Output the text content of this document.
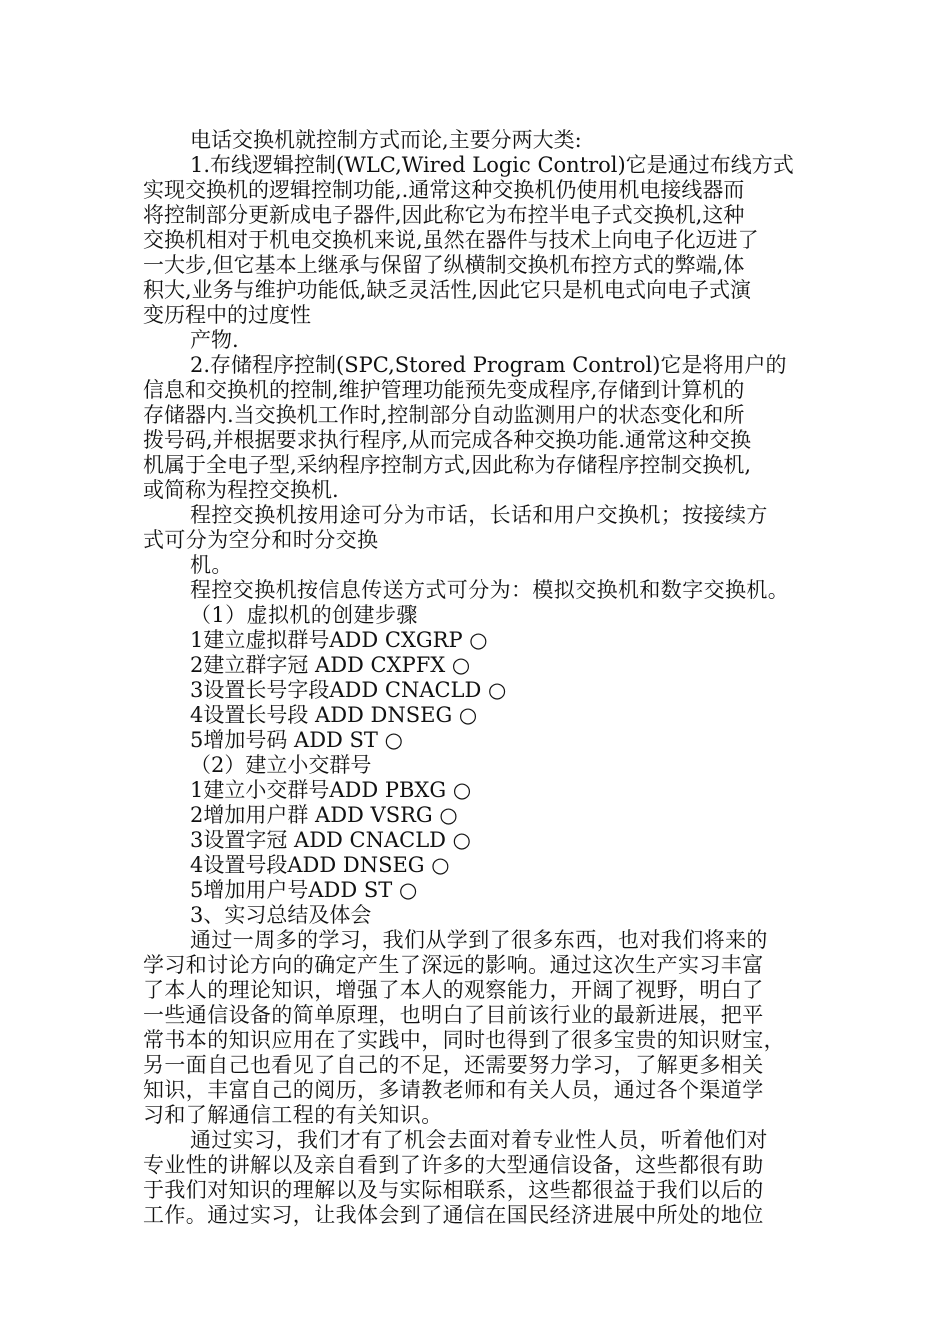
电话交换机就控制方式而论,主要分两大类:
1.布线逻辑控制(WLC,Wired Logic Control)它是通过布线方式
实现交换机的逻辑控制功能,.通常这种交换机仍使用机电接线器而
将控制部分更新成电子器件,因此称它为布控半电子式交换机,这种
交换机相对于机电交换机来说,虽然在器件与技术上向电子化迈进了
一大步,但它基本上继承与保留了纵横制交换机布控方式的弊端,体
积大,业务与维护功能低,缺乏灵活性,因此它只是机电式向电子式演
变历程中的过度性
产物.
2.存储程序控制(SPC,Stored Program Control)它是将用户的
信息和交换机的控制,维护管理功能预先变成程序,存储到计算机的
存储器内.当交换机工作时,控制部分自动监测用户的状态变化和所
拨号码,并根据要求执行程序,从而完成各种交换功能.通常这种交换
机属于全电子型,采纳程序控制方式,因此称为存储程序控制交换机,
或简称为程控交换机.
程控交换机按用途可分为市话，长话和用户交换机；按接续方
式可分为空分和时分交换
机。
程控交换机按信息传送方式可分为：模拟交换机和数字交换机。
（1）虚拟机的创建步骤
1建立虚拟群号ADD CXGRP ○
2建立群字冠 ADD CXPFX ○
3设置长号字段ADD CNACLD ○
4设置长号段 ADD DNSEG ○
5增加号码 ADD ST ○
（2）建立小交群号
1建立小交群号ADD PBXG ○
2增加用户群 ADD VSRG ○
3设置字冠 ADD CNACLD ○
4设置号段ADD DNSEG ○
5增加用户号ADD ST ○
3、实习总结及体会
通过一周多的学习，我们从学到了很多东西，也对我们将来的
学习和讨论方向的确定产生了深远的影响。通过这次生产实习丰富
了本人的理论知识，增强了本人的观察能力，开阔了视野，明白了
一些通信设备的简单原理，也明白了目前该行业的最新进展，把平
常书本的知识应用在了实践中，同时也得到了很多宝贵的知识财宝，
另一面自己也看见了自己的不足，还需要努力学习，了解更多相关
知识，丰富自己的阅历，多请教老师和有关人员，通过各个渠道学
习和了解通信工程的有关知识。
通过实习，我们才有了机会去面对着专业性人员，听着他们对
专业性的讲解以及亲自看到了许多的大型通信设备，这些都很有助
于我们对知识的理解以及与实际相联系，这些都很益于我们以后的
工作。通过实习，让我体会到了通信在国民经济进展中所处的地位
